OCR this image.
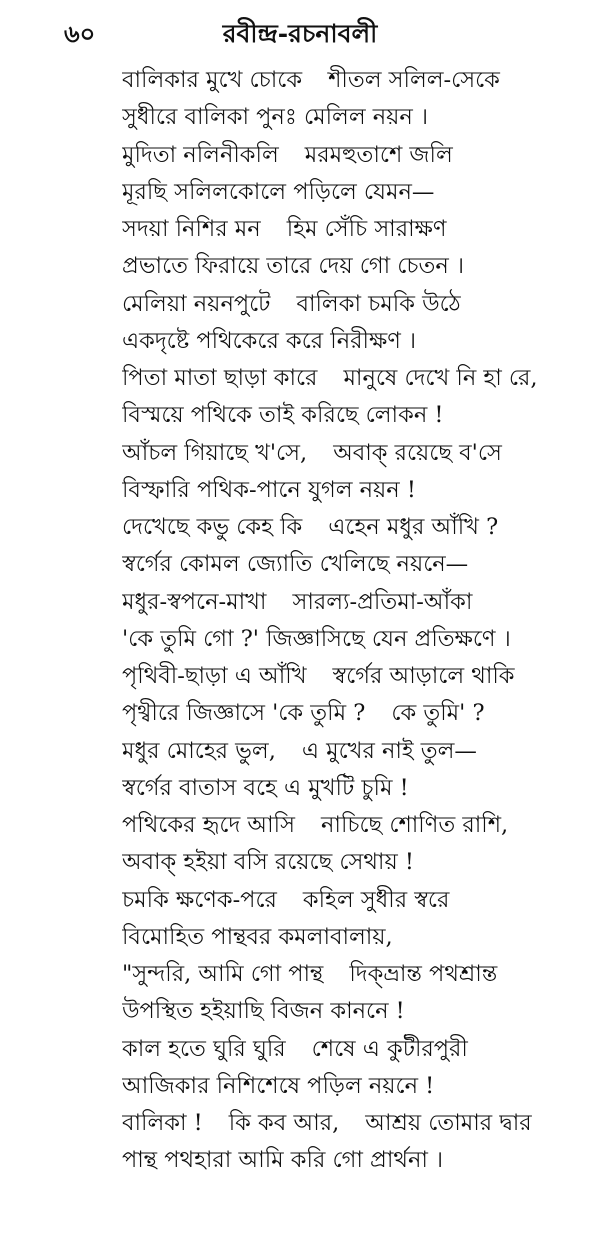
৬০	রবীন্দ্র-রচনাবলী
বালিকার মুখে চোকে শীতল সলিল-সেকে
সুধীরে বালিকা পুনঃ মেলিল নয়ন ।
মুদিতা নলিনীকলি মরমহুতাশে জলি
মূরছি সলিলকোলে পড়িলে যেমন—
সদয়া নিশির মন হিম সেঁচি সারাক্ষণ
প্রভাতে ফিরায়ে তারে দেয় গো চেতন ।
মেলিয়া নয়নপুটে বালিকা চমকি উঠে
একদৃষ্টে পথিকেরে করে নিরীক্ষণ ।
পিতা মাতা ছাড়া কারে মানুষে দেখে নি হা রে,
বিস্ময়ে পথিকে তাই করিছে লোকন !
আঁচল গিয়াছে খ'সে, অবাক্ রয়েছে ব'সে
বিস্ফারি পথিক-পানে যুগল নয়ন !
দেখেছে কভু কেহ কি এহেন মধুর আঁখি ?
স্বর্গের কোমল জ্যোতি খেলিছে নয়নে—
মধুর-স্বপনে-মাখা সারল্য-প্রতিমা-আঁকা
'কে তুমি গো ?' জিজ্ঞাসিছে যেন প্রতিক্ষণে ।
পৃথিবী-ছাড়া এ আঁখি স্বর্গের আড়ালে থাকি
পৃথ্বীরে জিজ্ঞাসে 'কে তুমি ? কে তুমি' ?
মধুর মোহের ভুল, এ মুখের নাই তুল—
স্বর্গের বাতাস বহে এ মুখটি চুমি !
পথিকের হৃদে আসি নাচিছে শোণিত রাশি,
অবাক্ হইয়া বসি রয়েছে সেথায় !
চমকি ক্ষণেক-পরে কহিল সুধীর স্বরে
বিমোহিত পান্থবর কমলাবালায়,
"সুন্দরি, আমি গো পান্থ দিক্‌ভ্রান্ত পথশ্রান্ত
উপস্থিত হইয়াছি বিজন কাননে !
কাল হতে ঘুরি ঘুরি শেষে এ কুটীরপুরী
আজিকার নিশিশেষে পড়িল নয়নে !
বালিকা ! কি কব আর, আশ্রয় তোমার দ্বার
পান্থ পথহারা আমি করি গো প্রার্থনা ।
